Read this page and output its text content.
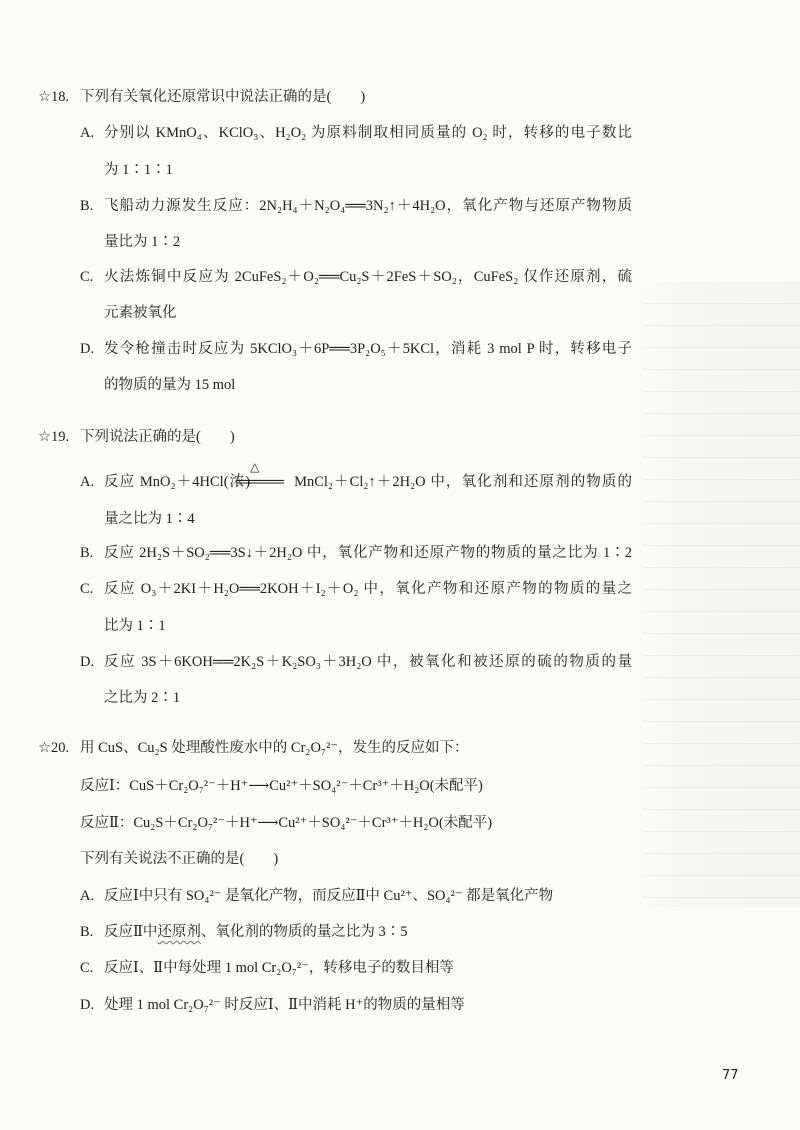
☆18. 下列有关氧化还原常识中说法正确的是(　　)
A. 分别以 KMnO₄、KClO₃、H₂O₂ 为原料制取相同质量的 O₂ 时，转移的电子数比
为 1∶1∶1
B. 飞船动力源发生反应：2N₂H₄＋N₂O₄══3N₂↑＋4H₂O，氧化产物与还原产物物质
量比为 1∶2
C. 火法炼铜中反应为 2CuFeS₂＋O₂══Cu₂S＋2FeS＋SO₂，CuFeS₂ 仅作还原剂，硫
元素被氧化
D. 发令枪撞击时反应为 5KClO₃＋6P══3P₂O₅＋5KCl，消耗 3 mol P 时，转移电子
的物质的量为 15 mol
☆19. 下列说法正确的是(　　)
A. 反应 MnO₂＋4HCl(浓)
△
══ MnCl₂＋Cl₂↑＋2H₂O 中，氧化剂和还原剂的物质的
量之比为 1∶4
B. 反应 2H₂S＋SO₂══3S↓＋2H₂O 中，氧化产物和还原产物的物质的量之比为 1∶2
C. 反应 O₃＋2KI＋H₂O══2KOH＋I₂＋O₂ 中，氧化产物和还原产物的物质的量之
比为 1∶1
D. 反应 3S＋6KOH══2K₂S＋K₂SO₃＋3H₂O 中，被氧化和被还原的硫的物质的量
之比为 2∶1
☆20. 用 CuS、Cu₂S 处理酸性废水中的 Cr₂O₇²⁻，发生的反应如下：
反应Ⅰ：CuS＋Cr₂O₇²⁻＋H⁺⟶Cu²⁺＋SO₄²⁻＋Cr³⁺＋H₂O(未配平)
反应Ⅱ：Cu₂S＋Cr₂O₇²⁻＋H⁺⟶Cu²⁺＋SO₄²⁻＋Cr³⁺＋H₂O(未配平)
下列有关说法不正确的是(　　)
A. 反应Ⅰ中只有 SO₄²⁻ 是氧化产物，而反应Ⅱ中 Cu²⁺、SO₄²⁻ 都是氧化产物
B. 反应Ⅱ中还原剂、氧化剂的物质的量之比为 3∶5
C. 反应Ⅰ、Ⅱ中每处理 1 mol Cr₂O₇²⁻，转移电子的数目相等
D. 处理 1 mol Cr₂O₇²⁻ 时反应Ⅰ、Ⅱ中消耗 H⁺的物质的量相等
77
